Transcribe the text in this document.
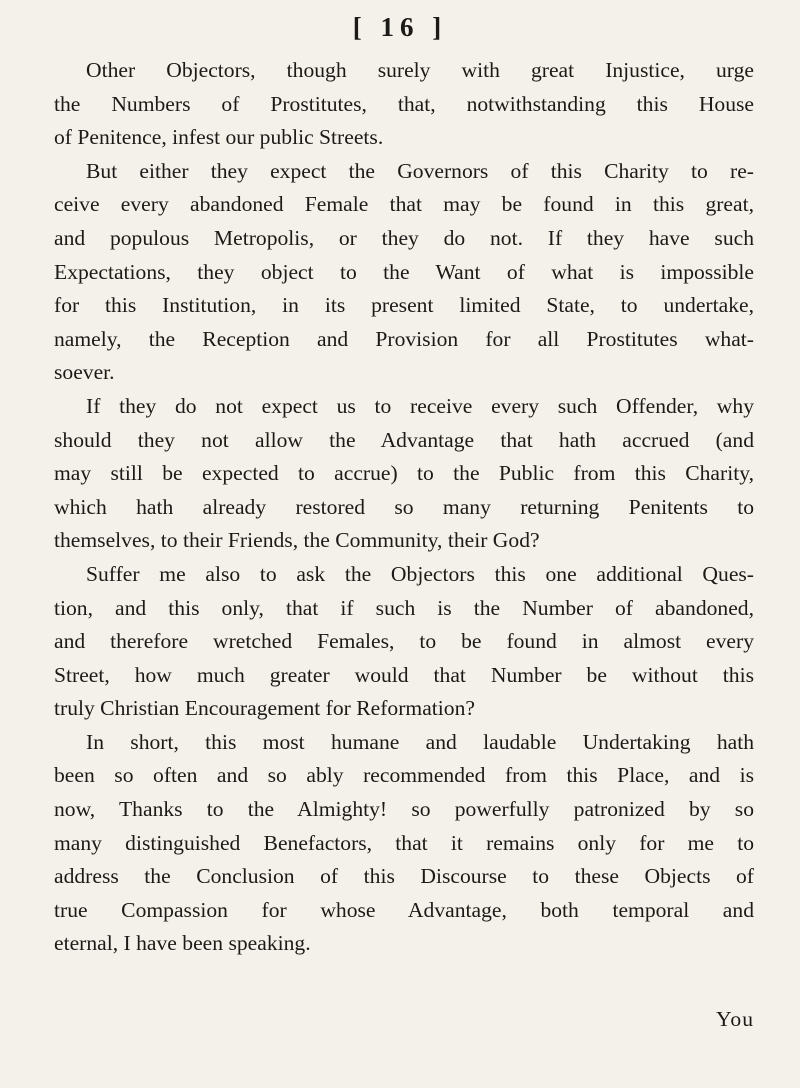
[ 16 ]
Other Objectors, though surely with great Injustice, urge
the Numbers of Prostitutes, that, notwithstanding this House
of Penitence, infest our public Streets.
But either they expect the Governors of this Charity to re-
ceive every abandoned Female that may be found in this great,
and populous Metropolis, or they do not. If they have such
Expectations, they object to the Want of what is impossible
for this Institution, in its present limited State, to undertake,
namely, the Reception and Provision for all Prostitutes what-
soever.
If they do not expect us to receive every such Offender, why
should they not allow the Advantage that hath accrued (and
may still be expected to accrue) to the Public from this Charity,
which hath already restored so many returning Penitents to
themselves, to their Friends, the Community, their God?
Suffer me also to ask the Objectors this one additional Ques-
tion, and this only, that if such is the Number of abandoned,
and therefore wretched Females, to be found in almost every
Street, how much greater would that Number be without this
truly Christian Encouragement for Reformation?
In short, this most humane and laudable Undertaking hath
been so often and so ably recommended from this Place, and is
now, Thanks to the Almighty! so powerfully patronized by so
many distinguished Benefactors, that it remains only for me to
address the Conclusion of this Discourse to these Objects of
true Compassion for whose Advantage, both temporal and
eternal, I have been speaking.
You
